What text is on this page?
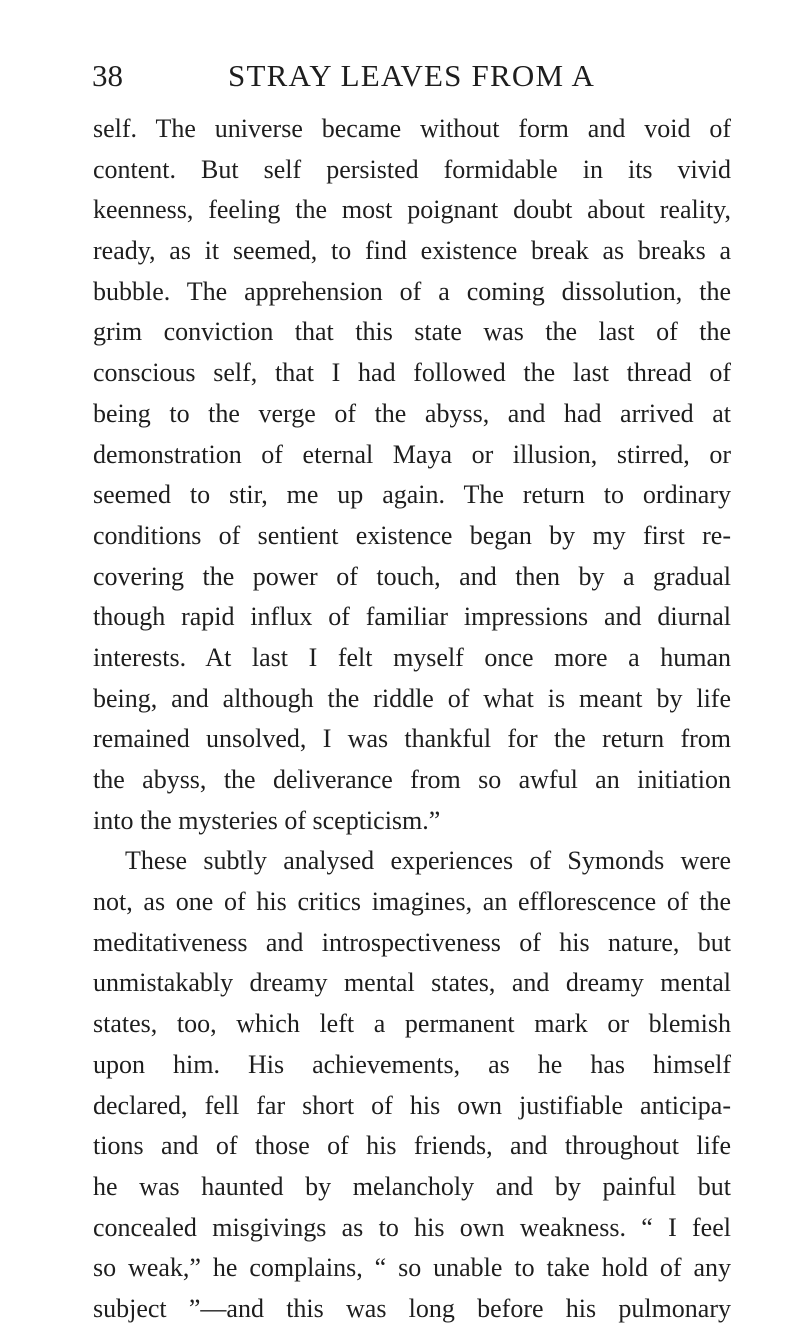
38	STRAY LEAVES FROM A
self. The universe became without form and void of
content. But self persisted formidable in its vivid
keenness, feeling the most poignant doubt about reality,
ready, as it seemed, to find existence break as breaks a
bubble. The apprehension of a coming dissolution, the
grim conviction that this state was the last of the
conscious self, that I had followed the last thread of
being to the verge of the abyss, and had arrived at
demonstration of eternal Maya or illusion, stirred, or
seemed to stir, me up again. The return to ordinary
conditions of sentient existence began by my first re-
covering the power of touch, and then by a gradual
though rapid influx of familiar impressions and diurnal
interests. At last I felt myself once more a human
being, and although the riddle of what is meant by life
remained unsolved, I was thankful for the return from
the abyss, the deliverance from so awful an initiation
into the mysteries of scepticism.”
These subtly analysed experiences of Symonds were
not, as one of his critics imagines, an efflorescence of the
meditativeness and introspectiveness of his nature, but
unmistakably dreamy mental states, and dreamy mental
states, too, which left a permanent mark or blemish
upon him. His achievements, as he has himself
declared, fell far short of his own justifiable anticipa-
tions and of those of his friends, and throughout life
he was haunted by melancholy and by painful but
concealed misgivings as to his own weakness. “ I feel
so weak,” he complains, “ so unable to take hold of any
subject ”—and this was long before his pulmonary
